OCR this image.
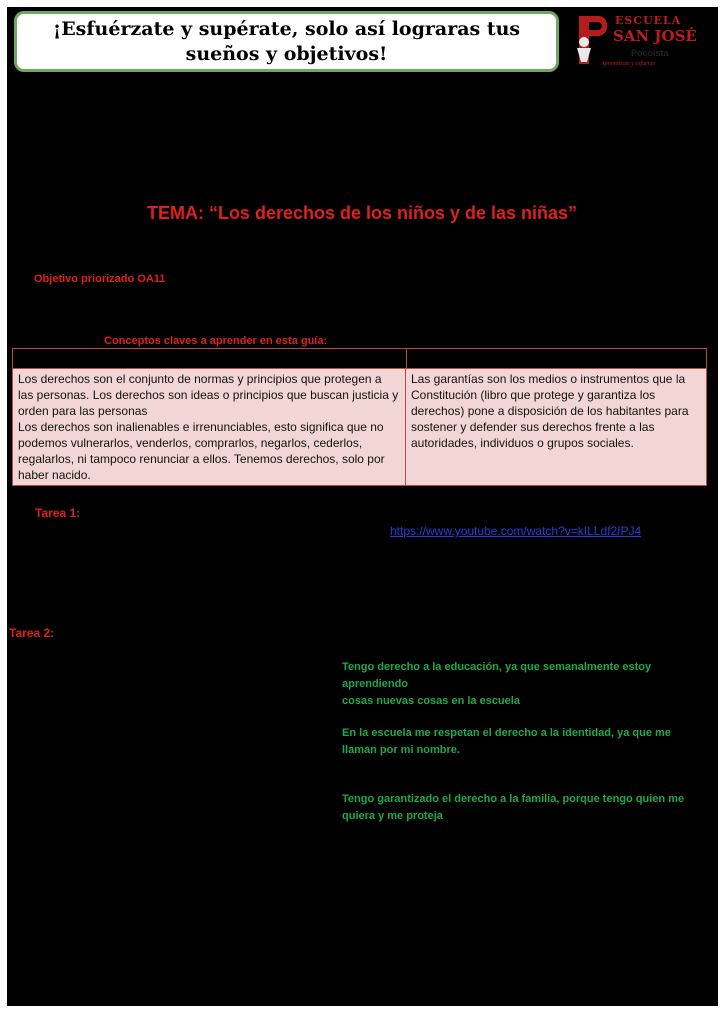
¡Esfuérzate y supérate, solo así lograras tus sueños y objetivos!
ESCUELA
SAN JOSÉ
Pocoista
Aprendizaje y esfuerzo
TEMA: “Los derechos de los niños y de las niñas”
Objetivo priorizado OA11
Conceptos claves a aprender en esta guía:
Los derechos son el conjunto de normas y principios que protegen a las personas. Los derechos son ideas o principios que buscan justicia y orden para las personas
Los derechos son inalienables e irrenunciables, esto significa que no podemos vulnerarlos, venderlos, comprarlos, negarlos, cederlos, regalarlos, ni tampoco renunciar a ellos. Tenemos derechos, solo por haber nacido.
Las garantías son los medios o instrumentos que la Constitución (libro que protege y garantiza los derechos) pone a disposición de los habitantes para sostener y defender sus derechos frente a las autoridades, individuos o grupos sociales.
Tarea 1:
https://www.youtube.com/watch?v=kILLdf2IPJ4
Tarea 2:
Tengo derecho a la educación, ya que semanalmente estoy aprendiendo
cosas nuevas cosas en la escuela
En la escuela me respetan el derecho a la identidad, ya que me
llaman por mi nombre.
Tengo garantizado el derecho a la familia, porque tengo quien me
quiera y me proteja
